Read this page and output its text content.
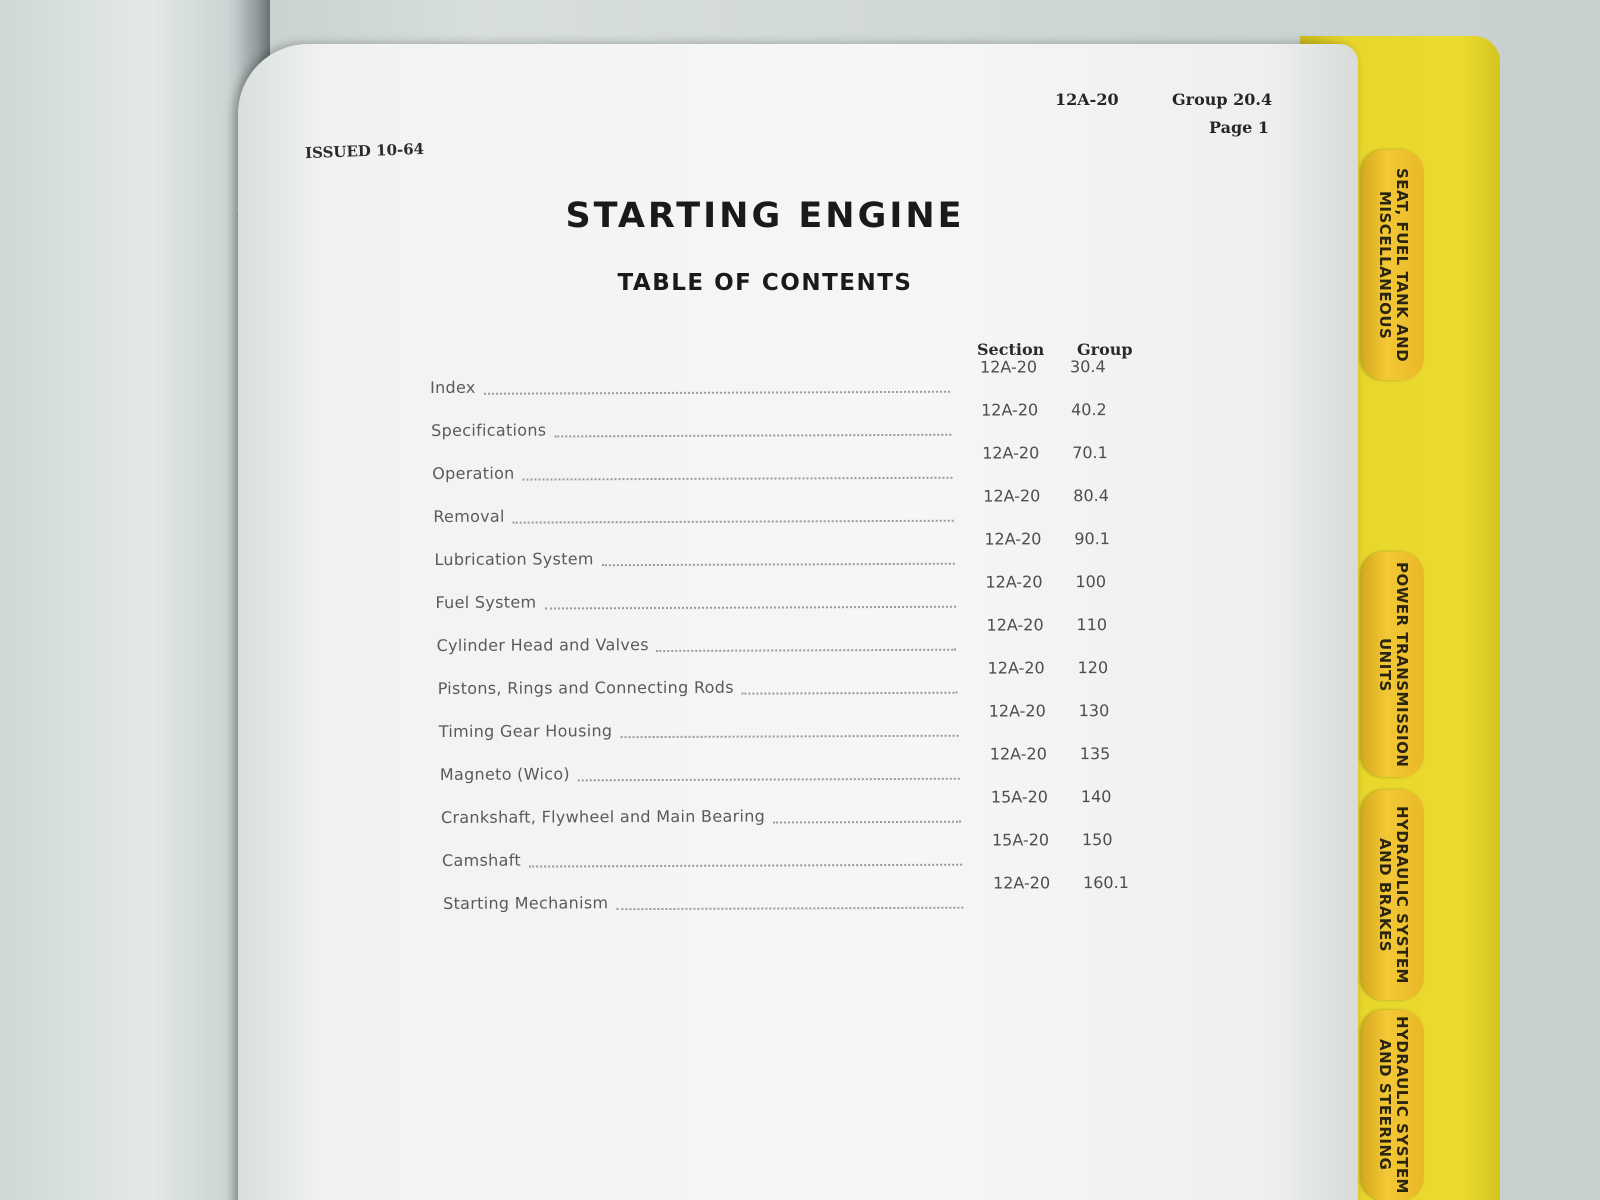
SEAT, FUEL TANK AND
MISCELLANEOUS
POWER TRANSMISSION
UNITS
HYDRAULIC SYSTEM
AND BRAKES
HYDRAULIC SYSTEM
AND STEERING
12A-20	Group 20.4
Page 1
ISSUED 10-64
STARTING ENGINE
TABLE OF CONTENTS
Section Group
Index
12A-20 30.4
Specifications
12A-20 40.2
Operation
12A-20 70.1
Removal
12A-20 80.4
Lubrication System
12A-20 90.1
Fuel System
12A-20 100
Cylinder Head and Valves
12A-20 110
Pistons, Rings and Connecting Rods
12A-20 120
Timing Gear Housing
12A-20 130
Magneto (Wico)
12A-20 135
Crankshaft, Flywheel and Main Bearing
15A-20 140
Camshaft
15A-20 150
Starting Mechanism
12A-20 160.1
